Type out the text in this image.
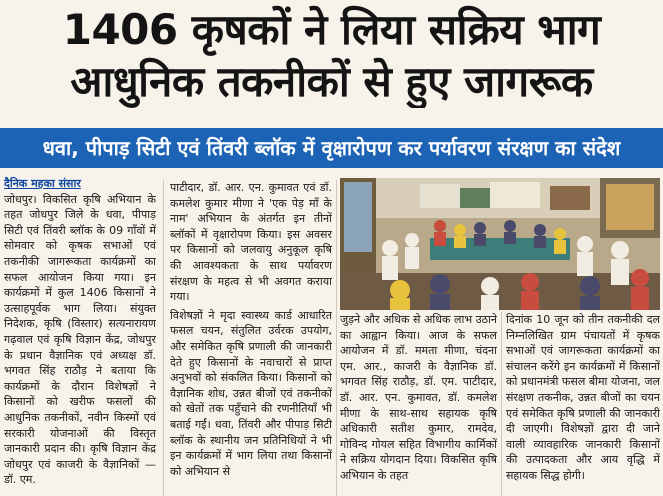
1406 कृषकों ने लिया सक्रिय भाग
आधुनिक तकनीकों से हुए जागरूक
धवा, पीपाड़ सिटी एवं तिंवरी ब्लॉक में वृक्षारोपण कर पर्यावरण संरक्षण का संदेश
दैनिक महका संसार

जोधपुर। विकसित कृषि अभियान के तहत जोधपुर जिले के धवा, पीपाड़ सिटी एवं तिंवरी ब्लॉक के 09 गाँवों में सोमवार को कृषक सभाओं एवं तकनीकी जागरूकता कार्यक्रमों का सफल आयोजन किया गया। इन कार्यक्रमों में कुल 1406 किसानों ने उत्साहपूर्वक भाग लिया। संयुक्त निदेशक, कृषि (विस्तार) सत्यनारायण गढ़वाल एवं कृषि विज्ञान केंद्र, जोधपुर के प्रधान वैज्ञानिक एवं अध्यक्ष डॉ. भगवत सिंह राठौड़ ने बताया कि कार्यक्रमों के दौरान विशेषज्ञों ने किसानों को खरीफ फसलों की आधुनिक तकनीकों, नवीन किस्मों एवं सरकारी योजनाओं की विस्तृत जानकारी प्रदान की। कृषि विज्ञान केंद्र जोधपुर एवं काजरी के वैज्ञानिकों — डॉ. एम.

पाटीदार, डॉ. आर. एन. कुमावत एवं डॉ. कमलेश कुमार मीणा ने 'एक पेड़ माँ के नाम' अभियान के अंतर्गत इन तीनों ब्लॉकों में वृक्षारोपण किया। इस अवसर पर किसानों को जलवायु अनुकूल कृषि की आवश्यकता के साथ पर्यावरण संरक्षण के महत्व से भी अवगत कराया गया।

विशेषज्ञों ने मृदा स्वास्थ्य कार्ड आधारित फसल चयन, संतुलित उर्वरक उपयोग, और समेकित कृषि प्रणाली की जानकारी देते हुए किसानों के नवाचारों से प्राप्त अनुभवों को संकलित किया। किसानों को वैज्ञानिक शोध, उन्नत बीजों एवं तकनीकों को खेतों तक पहुँचाने की रणनीतियाँ भी बताई गईं। धवा, तिंवरी और पीपाड़ सिटी ब्लॉक के स्थानीय जन प्रतिनिधियों ने भी इन कार्यक्रमों में भाग लिया तथा किसानों को अभियान से

जुड़ने और अधिक से अधिक लाभ उठाने का आह्वान किया। आज के सफल आयोजन में डॉ. ममता मीणा, चंदना एम. आर., काजरी के वैज्ञानिक डॉ. भगवत सिंह राठौड़, डॉ. एम. पाटीदार, डॉ. आर. एन. कुमावत, डॉ. कमलेश मीणा के साथ-साथ सहायक कृषि अधिकारी सतीश कुमार, रामदेव, गोविन्द गोयल सहित विभागीय कार्मिकों ने सक्रिय योगदान दिया। विकसित कृषि अभियान के तहत

दिनांक 10 जून को तीन तकनीकी दल निम्नलिखित ग्राम पंचायतों में कृषक सभाओं एवं जागरूकता कार्यक्रमों का संचालन करेंगे इन कार्यक्रमों में किसानों को प्रधानमंत्री फसल बीमा योजना, जल संरक्षण तकनीक, उन्नत बीजों का चयन एवं समेकित कृषि प्रणाली की जानकारी दी जाएगी। विशेषज्ञों द्वारा दी जाने वाली व्यावहारिक जानकारी किसानों की उत्पादकता और आय वृद्धि में सहायक सिद्ध होगी।
